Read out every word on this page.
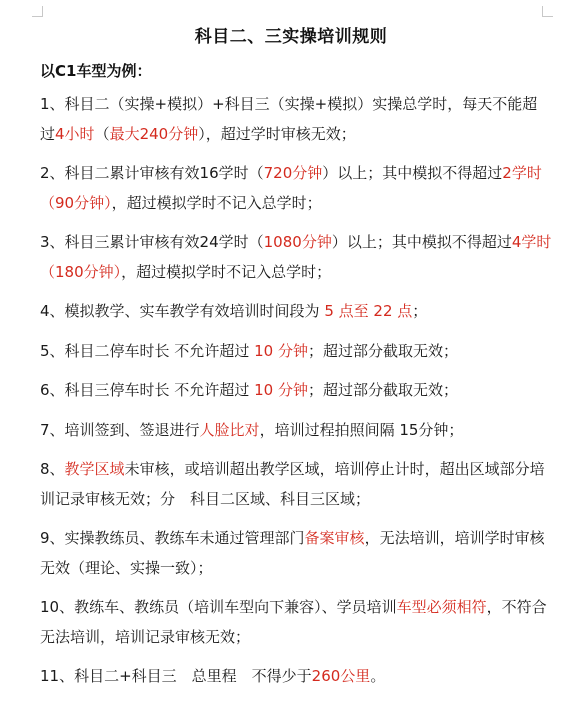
科目二、三实操培训规则
以C1车型为例：

1、科目二（实操+模拟）+科目三（实操+模拟）实操总学时，每天不能超过4小时（最大240分钟），超过学时审核无效；

2、科目二累计审核有效16学时（720分钟）以上；其中模拟不得超过2学时（90分钟），超过模拟学时不记入总学时；

3、科目三累计审核有效24学时（1080分钟）以上；其中模拟不得超过4学时（180分钟），超过模拟学时不记入总学时；

4、模拟教学、实车教学有效培训时间段为 5 点至 22 点；

5、科目二停车时长 不允许超过 10 分钟；超过部分截取无效；

6、科目三停车时长 不允许超过 10 分钟；超过部分截取无效；

7、培训签到、签退进行人脸比对，培训过程拍照间隔 15分钟；

8、教学区域未审核，或培训超出教学区域，培训停止计时，超出区域部分培训记录审核无效；分　科目二区域、科目三区域；

9、实操教练员、教练车未通过管理部门备案审核，无法培训，培训学时审核无效（理论、实操一致）；

10、教练车、教练员（培训车型向下兼容）、学员培训车型必须相符，不符合无法培训，培训记录审核无效；

11、科目二+科目三　总里程　不得少于260公里。
